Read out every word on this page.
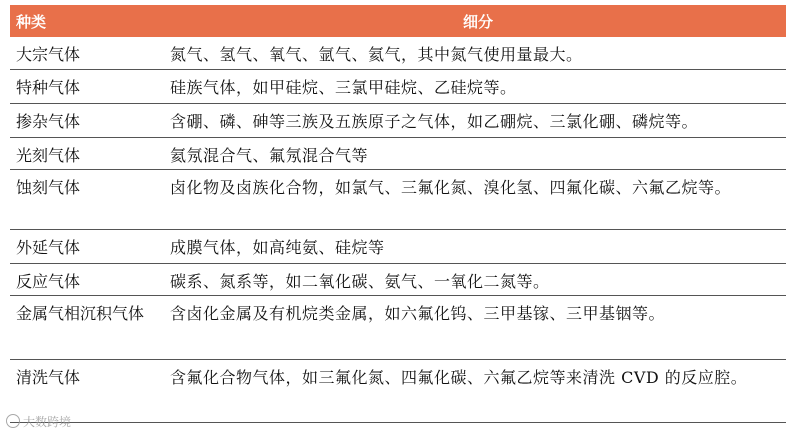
种类	细分
大宗气体	氮气、氢气、氧气、氩气、氦气，其中氮气使用量最大。
特种气体	硅族气体，如甲硅烷、三氯甲硅烷、乙硅烷等。
掺杂气体	含硼、磷、砷等三族及五族原子之气体，如乙硼烷、三氯化硼、磷烷等。
光刻气体	氦氖混合气、氟氖混合气等
蚀刻气体	卤化物及卤族化合物，如氯气、三氟化氮、溴化氢、四氟化碳、六氟乙烷等。
外延气体	成膜气体，如高纯氨、硅烷等
反应气体	碳系、氮系等，如二氧化碳、氨气、一氧化二氮等。
金属气相沉积气体	含卤化金属及有机烷类金属，如六氟化钨、三甲基镓、三甲基铟等。
清洗气体	含氟化合物气体，如三氟化氮、四氟化碳、六氟乙烷等来清洗 CVD 的反应腔。
大数跨境
